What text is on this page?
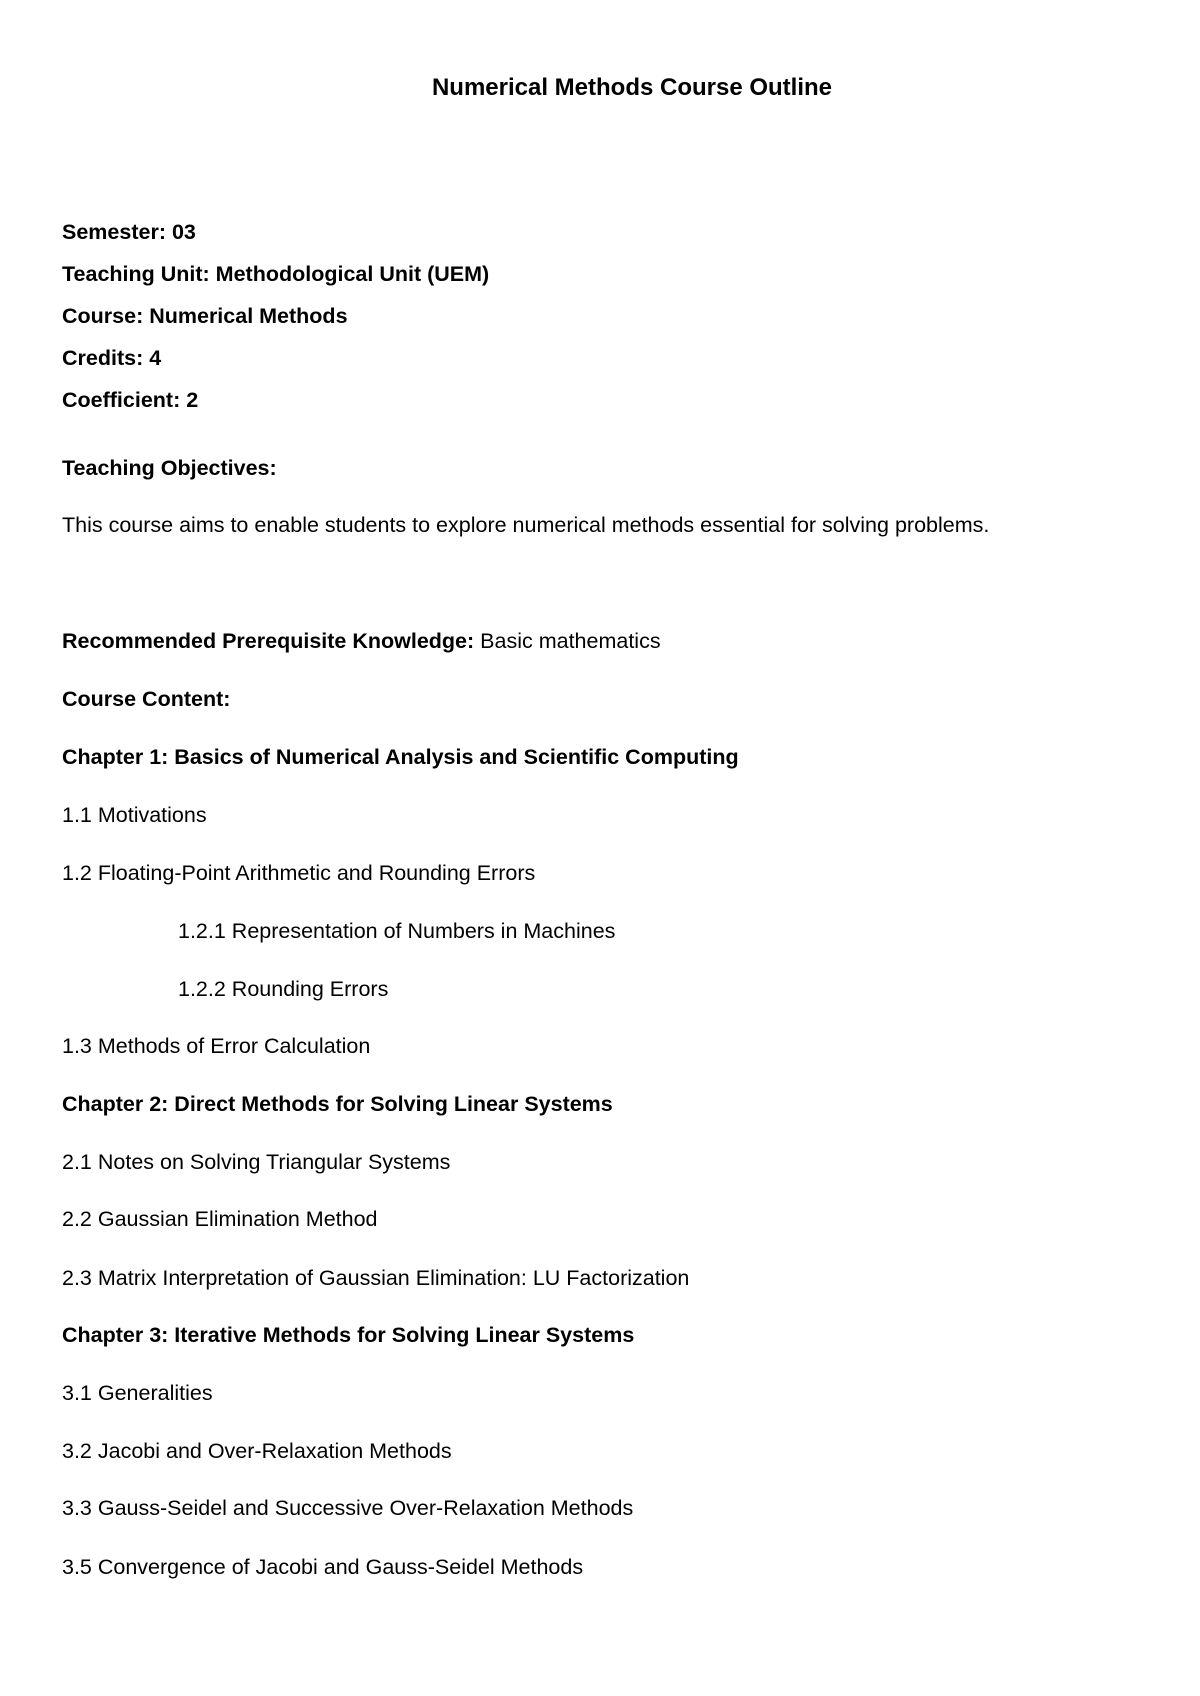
Numerical Methods Course Outline
Semester: 03
Teaching Unit: Methodological Unit (UEM)
Course: Numerical Methods
Credits: 4
Coefficient: 2
Teaching Objectives:
This course aims to enable students to explore numerical methods essential for solving problems.
Recommended Prerequisite Knowledge: Basic mathematics
Course Content:
Chapter 1: Basics of Numerical Analysis and Scientific Computing
1.1 Motivations
1.2 Floating-Point Arithmetic and Rounding Errors
1.2.1 Representation of Numbers in Machines
1.2.2 Rounding Errors
1.3 Methods of Error Calculation
Chapter 2: Direct Methods for Solving Linear Systems
2.1 Notes on Solving Triangular Systems
2.2 Gaussian Elimination Method
2.3 Matrix Interpretation of Gaussian Elimination: LU Factorization
Chapter 3: Iterative Methods for Solving Linear Systems
3.1 Generalities
3.2 Jacobi and Over-Relaxation Methods
3.3 Gauss-Seidel and Successive Over-Relaxation Methods
3.5 Convergence of Jacobi and Gauss-Seidel Methods
